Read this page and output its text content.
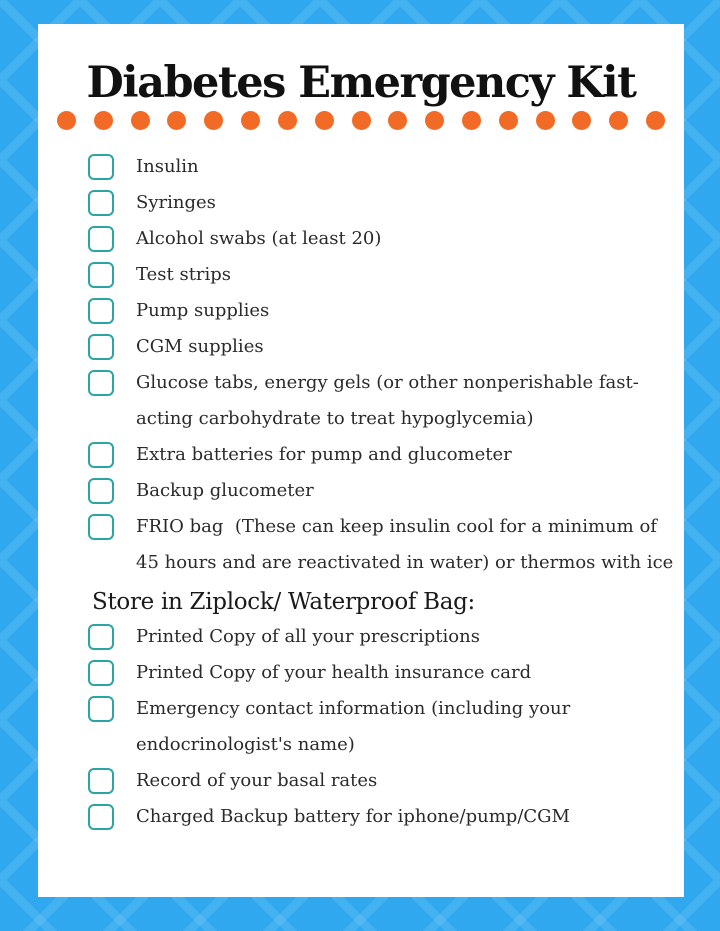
Diabetes Emergency Kit
Insulin
Syringes
Alcohol swabs (at least 20)
Test strips
Pump supplies
CGM supplies
Glucose tabs, energy gels (or other nonperishable fast-
acting carbohydrate to treat hypoglycemia)
Extra batteries for pump and glucometer
Backup glucometer
FRIO bag  (These can keep insulin cool for a minimum of
45 hours and are reactivated in water) or thermos with ice
Store in Ziplock/ Waterproof Bag:
Printed Copy of all your prescriptions
Printed Copy of your health insurance card
Emergency contact information (including your
endocrinologist's name)
Record of your basal rates
Charged Backup battery for iphone/pump/CGM
